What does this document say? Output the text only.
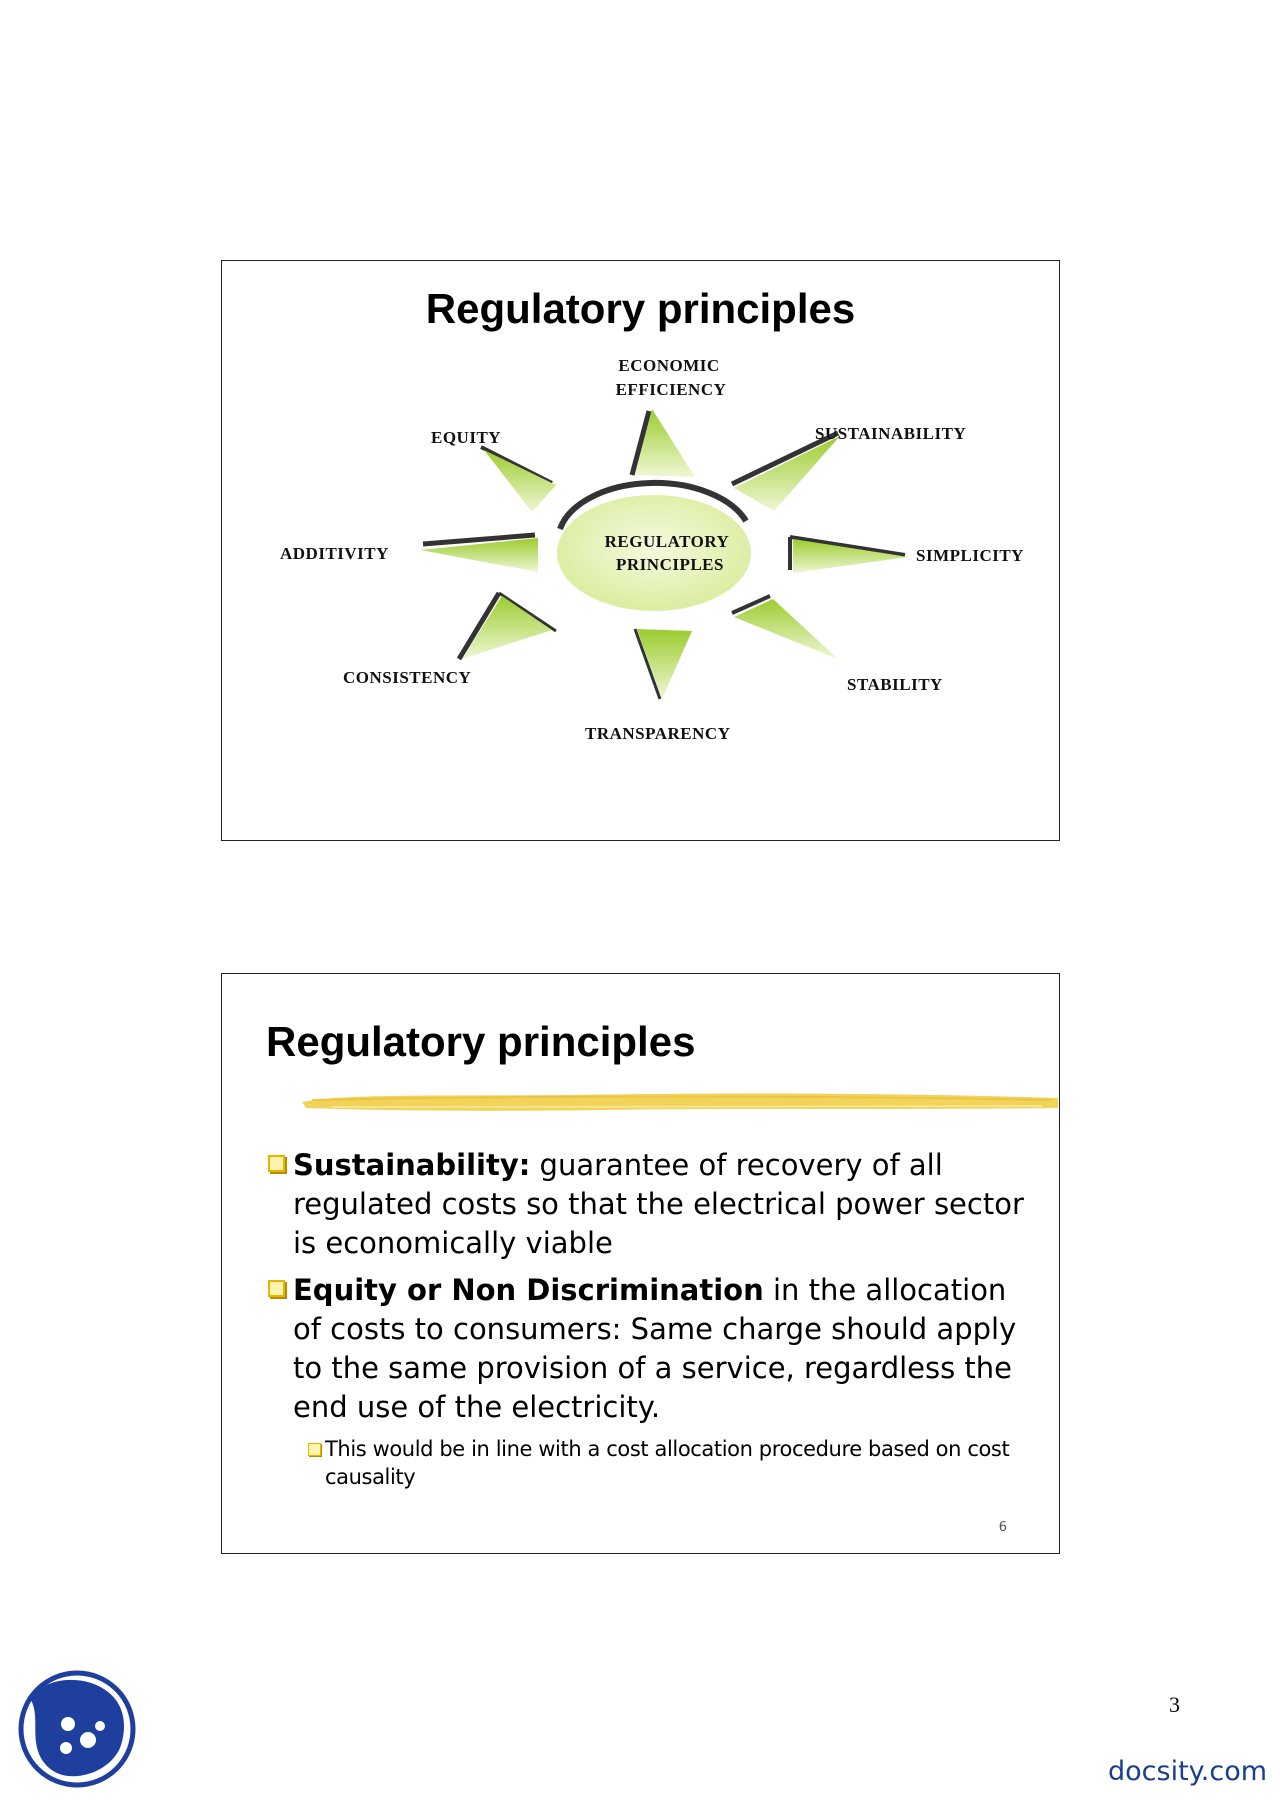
Regulatory principles
REGULATORY
PRINCIPLES
ECONOMIC
EFFICIENCY
SUSTAINABILITY
SIMPLICITY
STABILITY
TRANSPARENCY
CONSISTENCY
ADDITIVITY
EQUITY
Regulatory principles
Sustainability: guarantee of recovery of all regulated costs so that the electrical power sector is economically viable
Equity or Non Discrimination in the allocation of costs to consumers: Same charge should apply to the same provision of a service, regardless the end use of the electricity.
This would be in line with a cost allocation procedure based on cost causality
6
3
docsity.com
